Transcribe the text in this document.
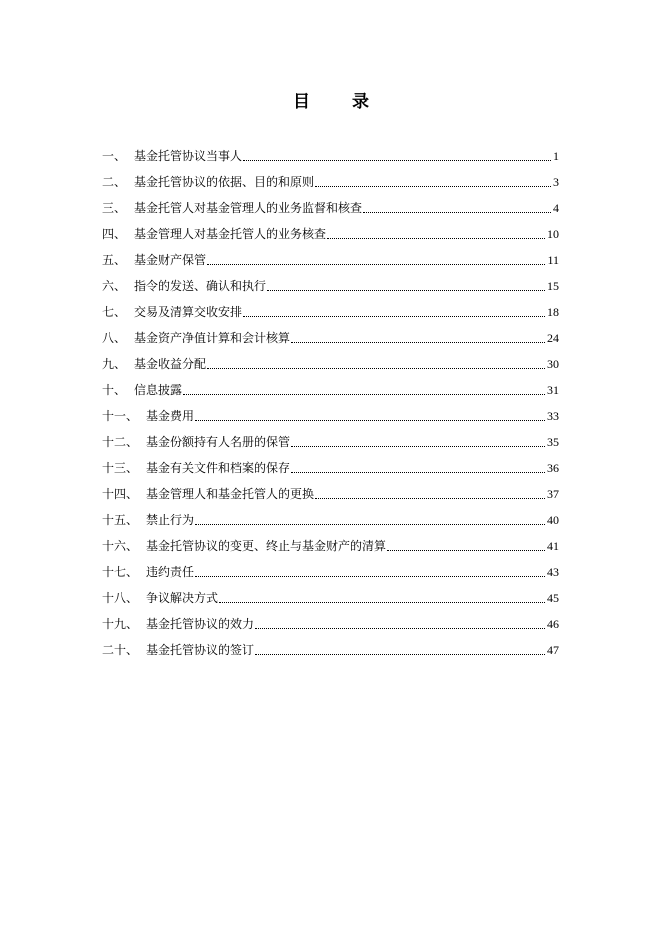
目 录
一、 基金托管协议当事人	1
二、 基金托管协议的依据、目的和原则	3
三、 基金托管人对基金管理人的业务监督和核查	4
四、 基金管理人对基金托管人的业务核查	10
五、 基金财产保管	11
六、 指令的发送、确认和执行	15
七、 交易及清算交收安排	18
八、 基金资产净值计算和会计核算	24
九、 基金收益分配	30
十、 信息披露	31
十一、 基金费用	33
十二、 基金份额持有人名册的保管	35
十三、 基金有关文件和档案的保存	36
十四、 基金管理人和基金托管人的更换	37
十五、 禁止行为	40
十六、 基金托管协议的变更、终止与基金财产的清算	41
十七、 违约责任	43
十八、 争议解决方式	45
十九、 基金托管协议的效力	46
二十、 基金托管协议的签订	47
